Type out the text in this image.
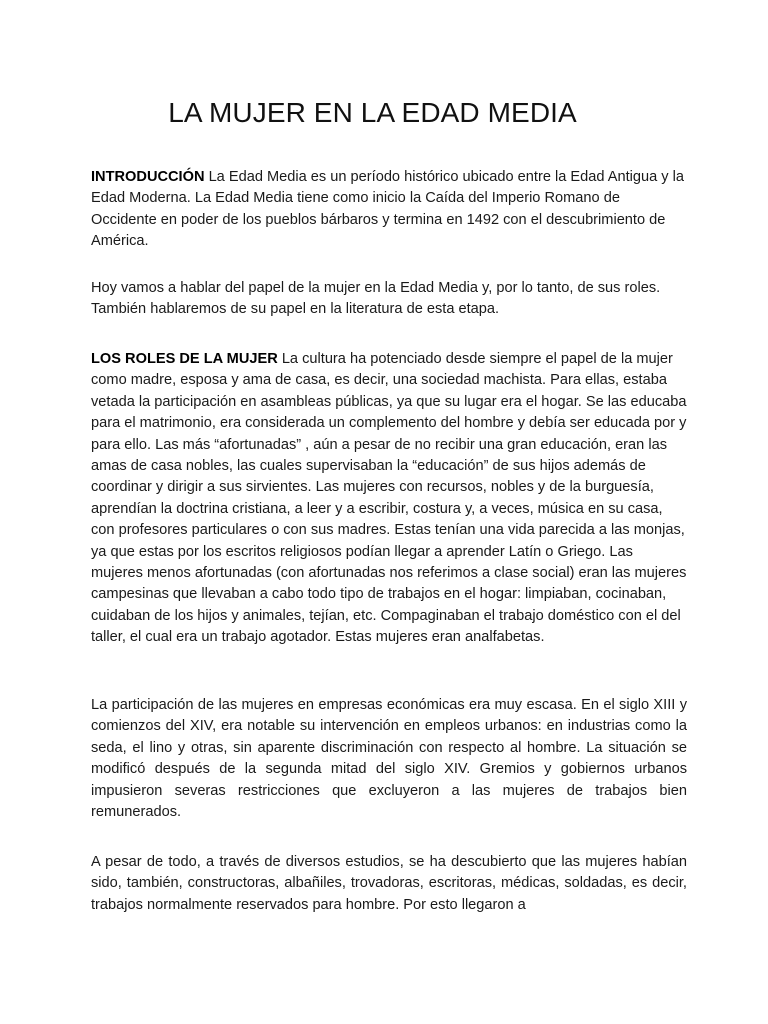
LA MUJER EN LA EDAD MEDIA

INTRODUCCIÓN La Edad Media es un período histórico ubicado entre la Edad Antigua y la Edad Moderna. La Edad Media tiene como inicio la Caída del Imperio Romano de Occidente en poder de los pueblos bárbaros y termina en 1492 con el descubrimiento de América.

Hoy vamos a hablar del papel de la mujer en la Edad Media y, por lo tanto, de sus roles. También hablaremos de su papel en la literatura de esta etapa.

LOS ROLES DE LA MUJER La cultura ha potenciado desde siempre el papel de la mujer como madre, esposa y ama de casa, es decir, una sociedad machista. Para ellas, estaba vetada la participación en asambleas públicas, ya que su lugar era el hogar. Se las educaba para el matrimonio, era considerada un complemento del hombre y debía ser educada por y para ello. Las más “afortunadas” , aún a pesar de no recibir una gran educación, eran las amas de casa nobles, las cuales supervisaban la “educación” de sus hijos además de coordinar y dirigir a sus sirvientes. Las mujeres con recursos, nobles y de la burguesía, aprendían la doctrina cristiana, a leer y a escribir, costura y, a veces, música en su casa, con profesores particulares o con sus madres. Estas tenían una vida parecida a las monjas, ya que estas por los escritos religiosos podían llegar a aprender Latín o Griego. Las mujeres menos afortunadas (con afortunadas nos referimos a clase social) eran las mujeres campesinas que llevaban a cabo todo tipo de trabajos en el hogar: limpiaban, cocinaban, cuidaban de los hijos y animales, tejían, etc. Compaginaban el trabajo doméstico con el del taller, el cual era un trabajo agotador. Estas mujeres eran analfabetas.

La participación de las mujeres en empresas económicas era muy escasa. En el siglo XIII y comienzos del XIV, era notable su intervención en empleos urbanos: en industrias como la seda, el lino y otras, sin aparente discriminación con respecto al hombre. La situación se modificó después de la segunda mitad del siglo XIV. Gremios y gobiernos urbanos impusieron severas restricciones que excluyeron a las mujeres de trabajos bien remunerados.

A pesar de todo, a través de diversos estudios, se ha descubierto que las mujeres habían sido, también, constructoras, albañiles, trovadoras, escritoras, médicas, soldadas, es decir, trabajos normalmente reservados para hombre. Por esto llegaron a
